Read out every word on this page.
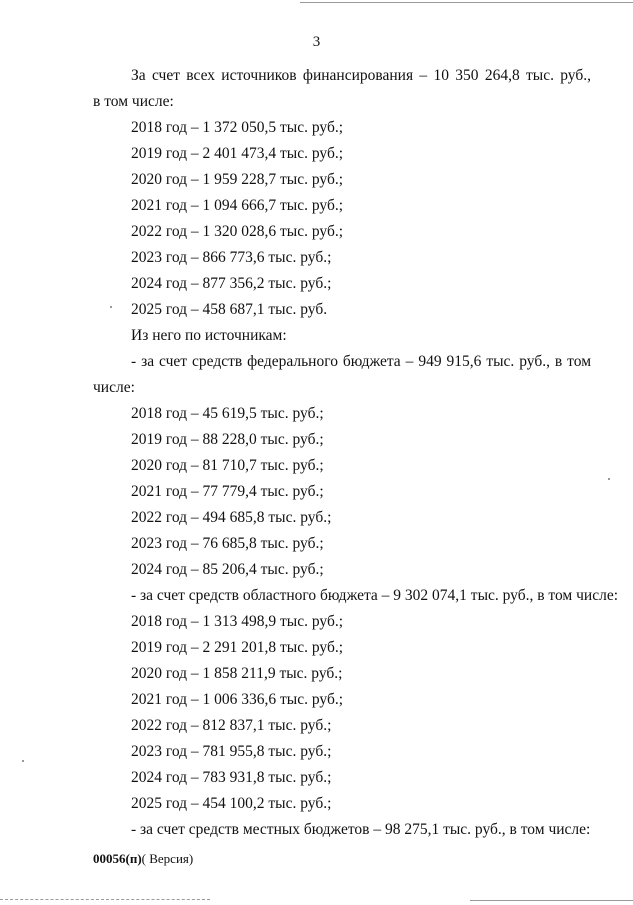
3
За счет всех источников финансирования – 10 350 264,8 тыс. руб.,
в том числе:
2018 год – 1 372 050,5 тыс. руб.;
2019 год – 2 401 473,4 тыс. руб.;
2020 год – 1 959 228,7 тыс. руб.;
2021 год – 1 094 666,7 тыс. руб.;
2022 год – 1 320 028,6 тыс. руб.;
2023 год – 866 773,6 тыс. руб.;
2024 год – 877 356,2 тыс. руб.;
2025 год – 458 687,1 тыс. руб.
Из него по источникам:
- за счет средств федерального бюджета – 949 915,6 тыс. руб., в том
числе:
2018 год – 45 619,5 тыс. руб.;
2019 год – 88 228,0 тыс. руб.;
2020 год – 81 710,7 тыс. руб.;
2021 год – 77 779,4 тыс. руб.;
2022 год – 494 685,8 тыс. руб.;
2023 год – 76 685,8 тыс. руб.;
2024 год – 85 206,4 тыс. руб.;
- за счет средств областного бюджета – 9 302 074,1 тыс. руб., в том числе:
2018 год – 1 313 498,9 тыс. руб.;
2019 год – 2 291 201,8 тыс. руб.;
2020 год – 1 858 211,9 тыс. руб.;
2021 год – 1 006 336,6 тыс. руб.;
2022 год – 812 837,1 тыс. руб.;
2023 год – 781 955,8 тыс. руб.;
2024 год – 783 931,8 тыс. руб.;
2025 год – 454 100,2 тыс. руб.;
- за счет средств местных бюджетов – 98 275,1 тыс. руб., в том числе:
00056(п)( Версия)
